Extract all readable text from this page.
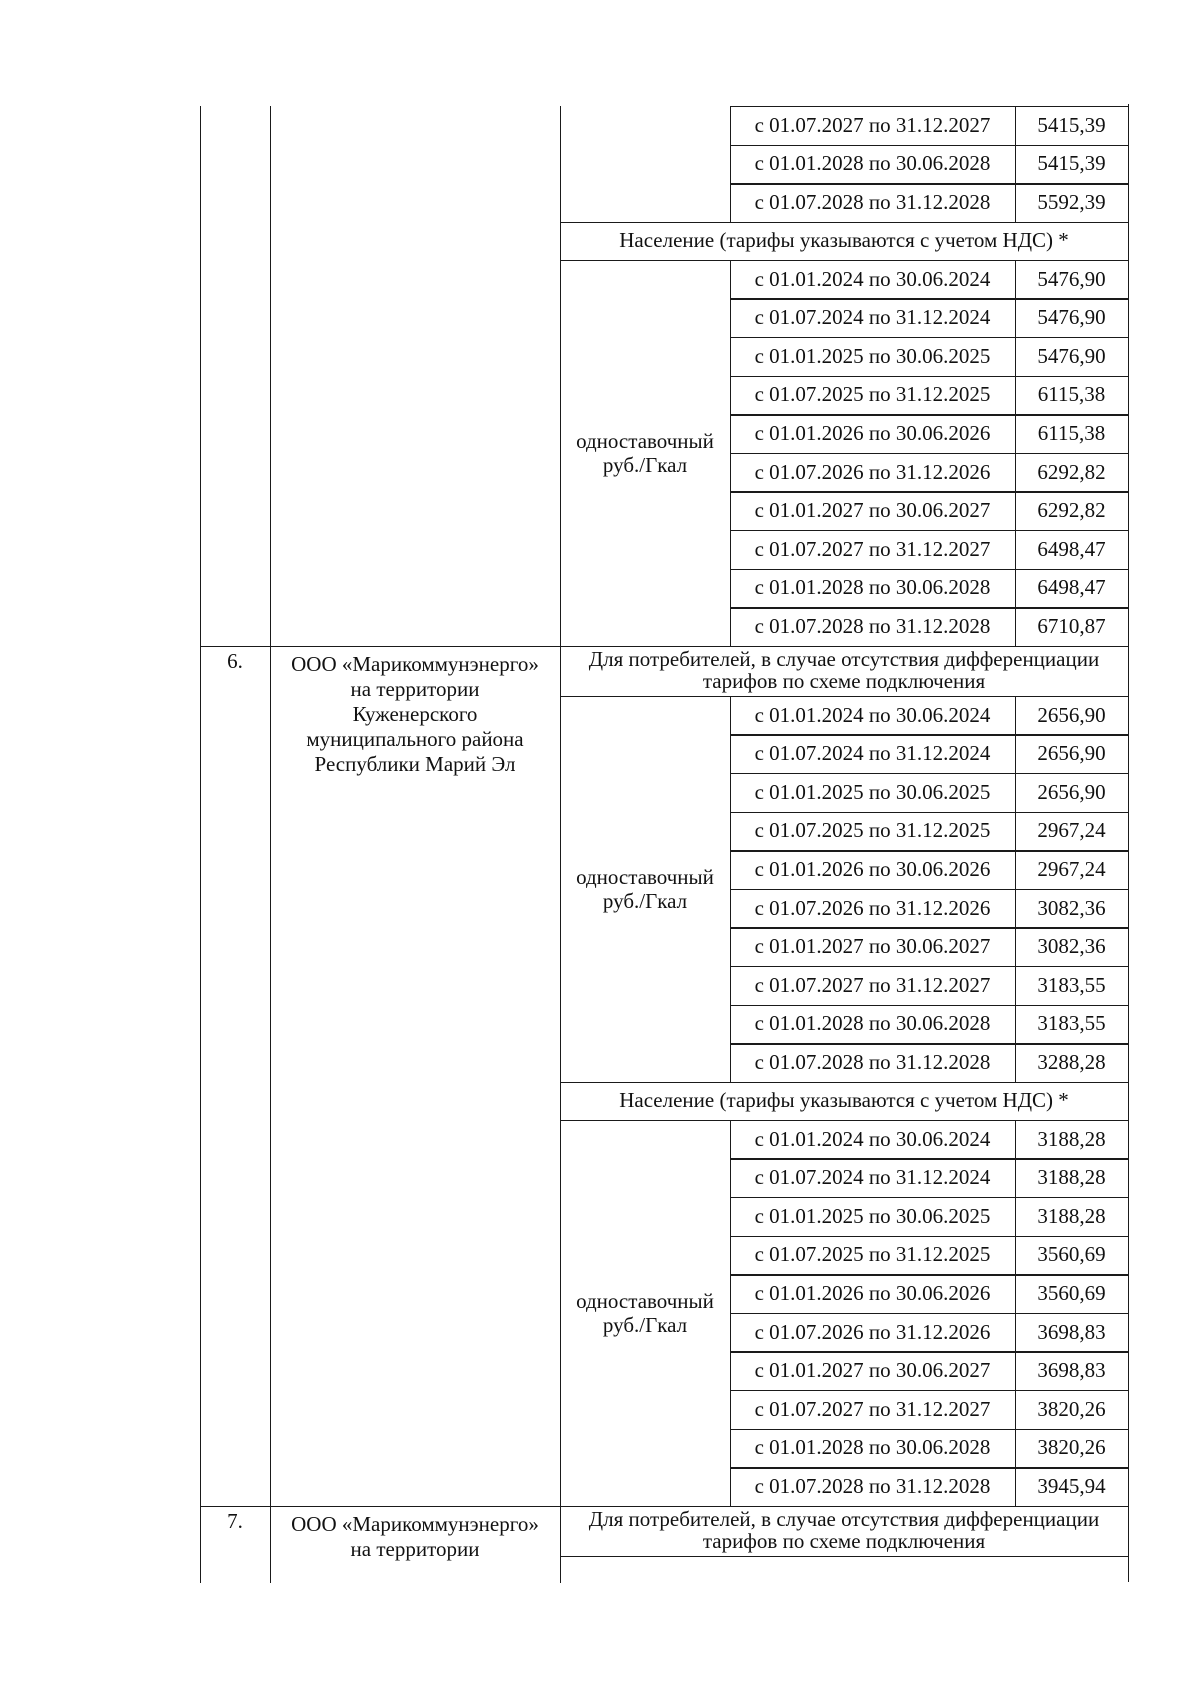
с 01.07.2027 по 31.12.2027 5415,39
с 01.01.2028 по 30.06.2028 5415,39
с 01.07.2028 по 31.12.2028 5592,39
Население (тарифы указываются с учетом НДС) *
с 01.01.2024 по 30.06.2024 5476,90
с 01.07.2024 по 31.12.2024 5476,90
с 01.01.2025 по 30.06.2025 5476,90
с 01.07.2025 по 31.12.2025 6115,38
с 01.01.2026 по 30.06.2026 6115,38
с 01.07.2026 по 31.12.2026 6292,82
с 01.01.2027 по 30.06.2027 6292,82
с 01.07.2027 по 31.12.2027 6498,47
с 01.01.2028 по 30.06.2028 6498,47
с 01.07.2028 по 31.12.2028 6710,87
одноставочный
руб./Гкал
6.	ООО «Марикоммунэнерго»
на территории
Куженерского
муниципального района
Республики Марий Эл
Для потребителей, в случае отсутствия дифференциации
тарифов по схеме подключения
с 01.01.2024 по 30.06.2024 2656,90
с 01.07.2024 по 31.12.2024 2656,90
с 01.01.2025 по 30.06.2025 2656,90
с 01.07.2025 по 31.12.2025 2967,24
с 01.01.2026 по 30.06.2026 2967,24
с 01.07.2026 по 31.12.2026 3082,36
с 01.01.2027 по 30.06.2027 3082,36
с 01.07.2027 по 31.12.2027 3183,55
с 01.01.2028 по 30.06.2028 3183,55
с 01.07.2028 по 31.12.2028 3288,28
одноставочный
руб./Гкал
Население (тарифы указываются с учетом НДС) *
с 01.01.2024 по 30.06.2024 3188,28
с 01.07.2024 по 31.12.2024 3188,28
с 01.01.2025 по 30.06.2025 3188,28
с 01.07.2025 по 31.12.2025 3560,69
с 01.01.2026 по 30.06.2026 3560,69
с 01.07.2026 по 31.12.2026 3698,83
с 01.01.2027 по 30.06.2027 3698,83
с 01.07.2027 по 31.12.2027 3820,26
с 01.01.2028 по 30.06.2028 3820,26
с 01.07.2028 по 31.12.2028 3945,94
одноставочный
руб./Гкал
7.	ООО «Марикоммунэнерго»
на территории
Для потребителей, в случае отсутствия дифференциации
тарифов по схеме подключения
